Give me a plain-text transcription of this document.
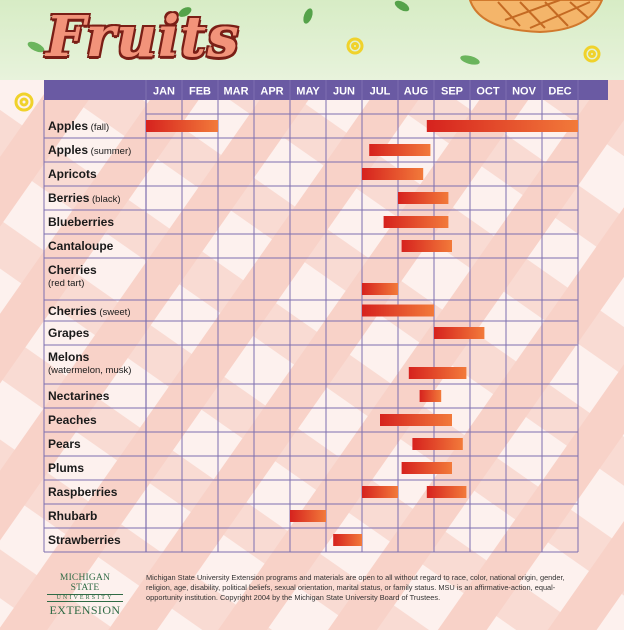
Fruits
JAN FEB MAR APR MAY JUN JUL AUG SEP OCT NOV DEC
Apples (fall)
Apples (summer)
Apricots
Berries (black)
Blueberries
Cantaloupe
Cherries
(red tart)
Cherries (sweet)
Grapes
Melons
(watermelon, musk)
Nectarines
Peaches
Pears
Plums
Raspberries
Rhubarb
Strawberries
MICHIGAN STATE
UNIVERSITY
EXTENSION
Michigan State University Extension programs and materials are open to all without regard to race, color, national origin, gender, religion, age, disability, political beliefs, sexual orientation, marital status, or family status. MSU is an affirmative-action, equal-opportunity institution. Copyright 2004 by the Michigan State University Board of Trustees.
